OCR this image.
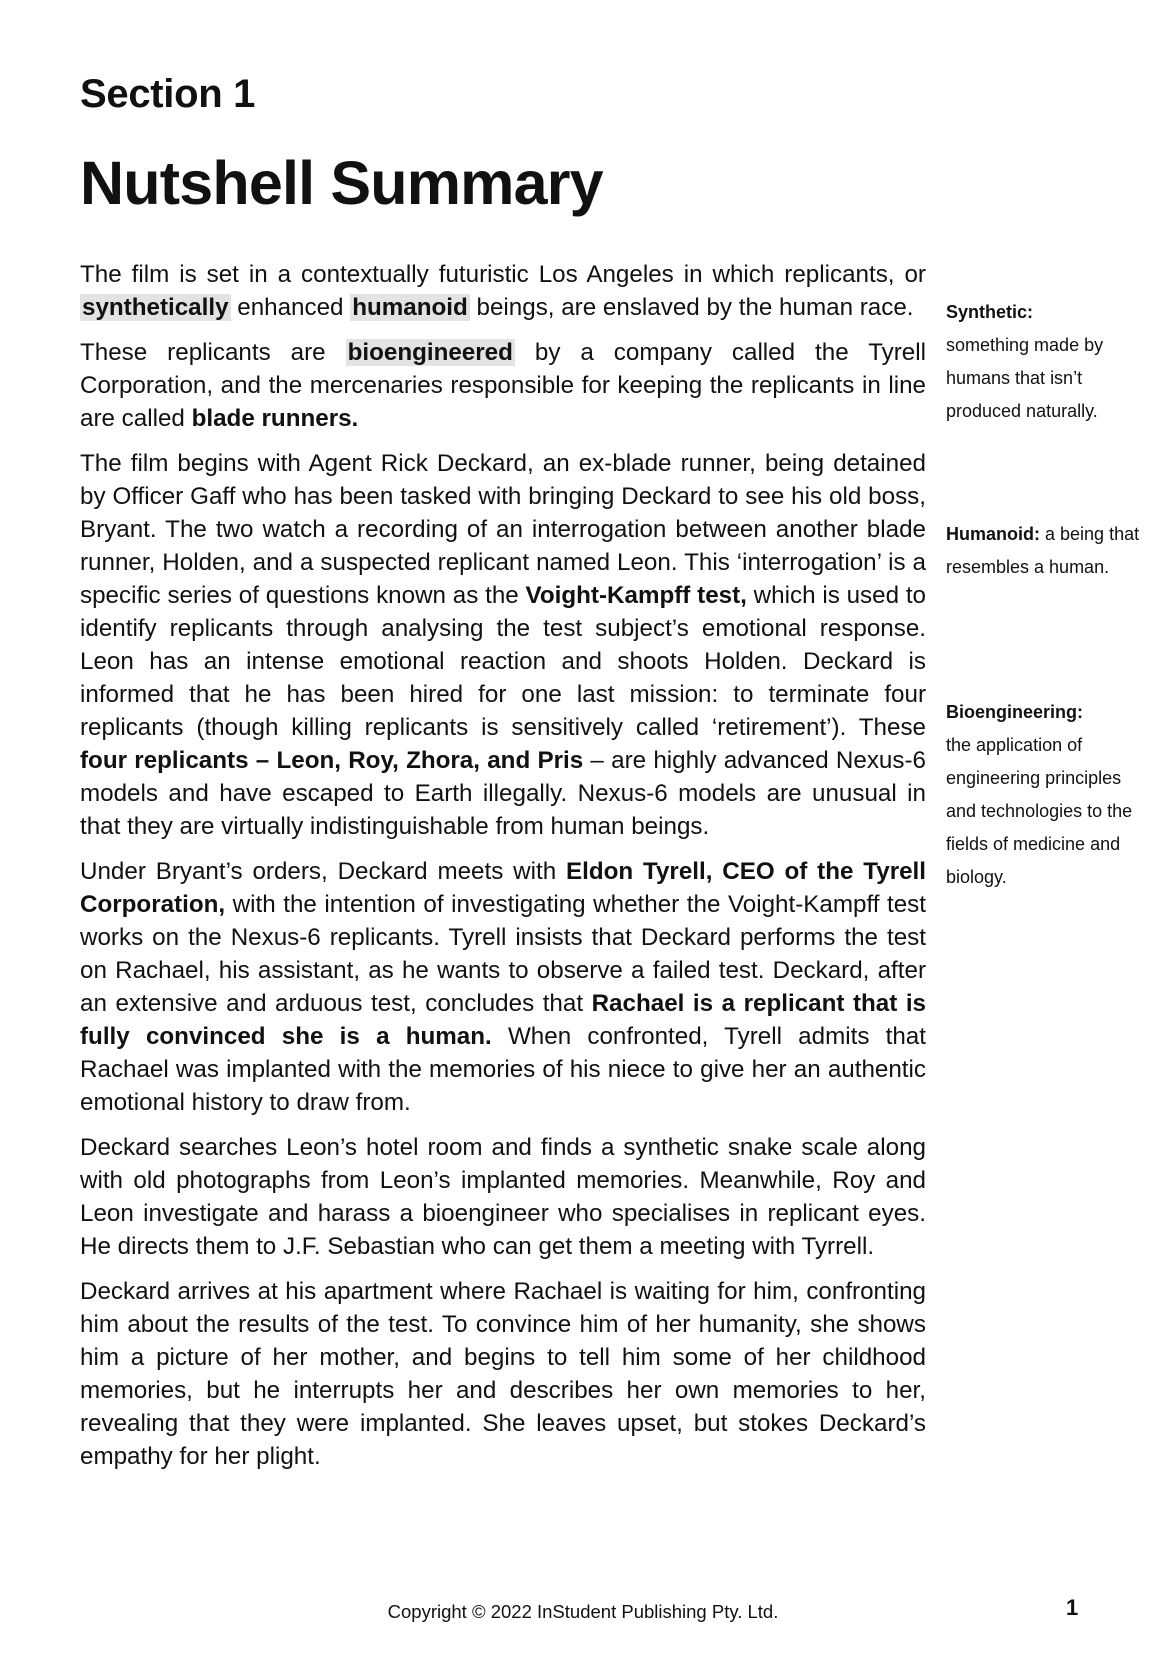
Section 1
Nutshell Summary

The film is set in a contextually futuristic Los Angeles in which replicants, or synthetically enhanced humanoid beings, are enslaved by the human race.

These replicants are bioengineered by a company called the Tyrell Corporation, and the mercenaries responsible for keeping the replicants in line are called blade runners.

The film begins with Agent Rick Deckard, an ex-blade runner, being detained by Officer Gaff who has been tasked with bringing Deckard to see his old boss, Bryant. The two watch a recording of an interrogation between another blade runner, Holden, and a suspected replicant named Leon. This ‘interrogation’ is a specific series of questions known as the Voight-Kampff test, which is used to identify replicants through analysing the test subject’s emotional response. Leon has an intense emotional reaction and shoots Holden. Deckard is informed that he has been hired for one last mission: to terminate four replicants (though killing replicants is sensitively called ‘retirement’). These four replicants – Leon, Roy, Zhora, and Pris – are highly advanced Nexus-6 models and have escaped to Earth illegally. Nexus-6 models are unusual in that they are virtually indistinguishable from human beings.

Under Bryant’s orders, Deckard meets with Eldon Tyrell, CEO of the Tyrell Corporation, with the intention of investigating whether the Voight-Kampff test works on the Nexus-6 replicants. Tyrell insists that Deckard performs the test on Rachael, his assistant, as he wants to observe a failed test. Deckard, after an extensive and arduous test, concludes that Rachael is a replicant that is fully convinced she is a human. When confronted, Tyrell admits that Rachael was implanted with the memories of his niece to give her an authentic emotional history to draw from.

Deckard searches Leon’s hotel room and finds a synthetic snake scale along with old photographs from Leon’s implanted memories. Meanwhile, Roy and Leon investigate and harass a bioengineer who specialises in replicant eyes. He directs them to J.F. Sebastian who can get them a meeting with Tyrrell.

Deckard arrives at his apartment where Rachael is waiting for him, confronting him about the results of the test. To convince him of her humanity, she shows him a picture of her mother, and begins to tell him some of her childhood memories, but he interrupts her and describes her own memories to her, revealing that they were implanted. She leaves upset, but stokes Deckard’s empathy for her plight.

Synthetic:
something made by humans that isn’t produced naturally.
Humanoid: a being that resembles a human.
Bioengineering:
the application of engineering principles and technologies to the fields of medicine and biology.
Copyright © 2022 InStudent Publishing Pty. Ltd.	1
